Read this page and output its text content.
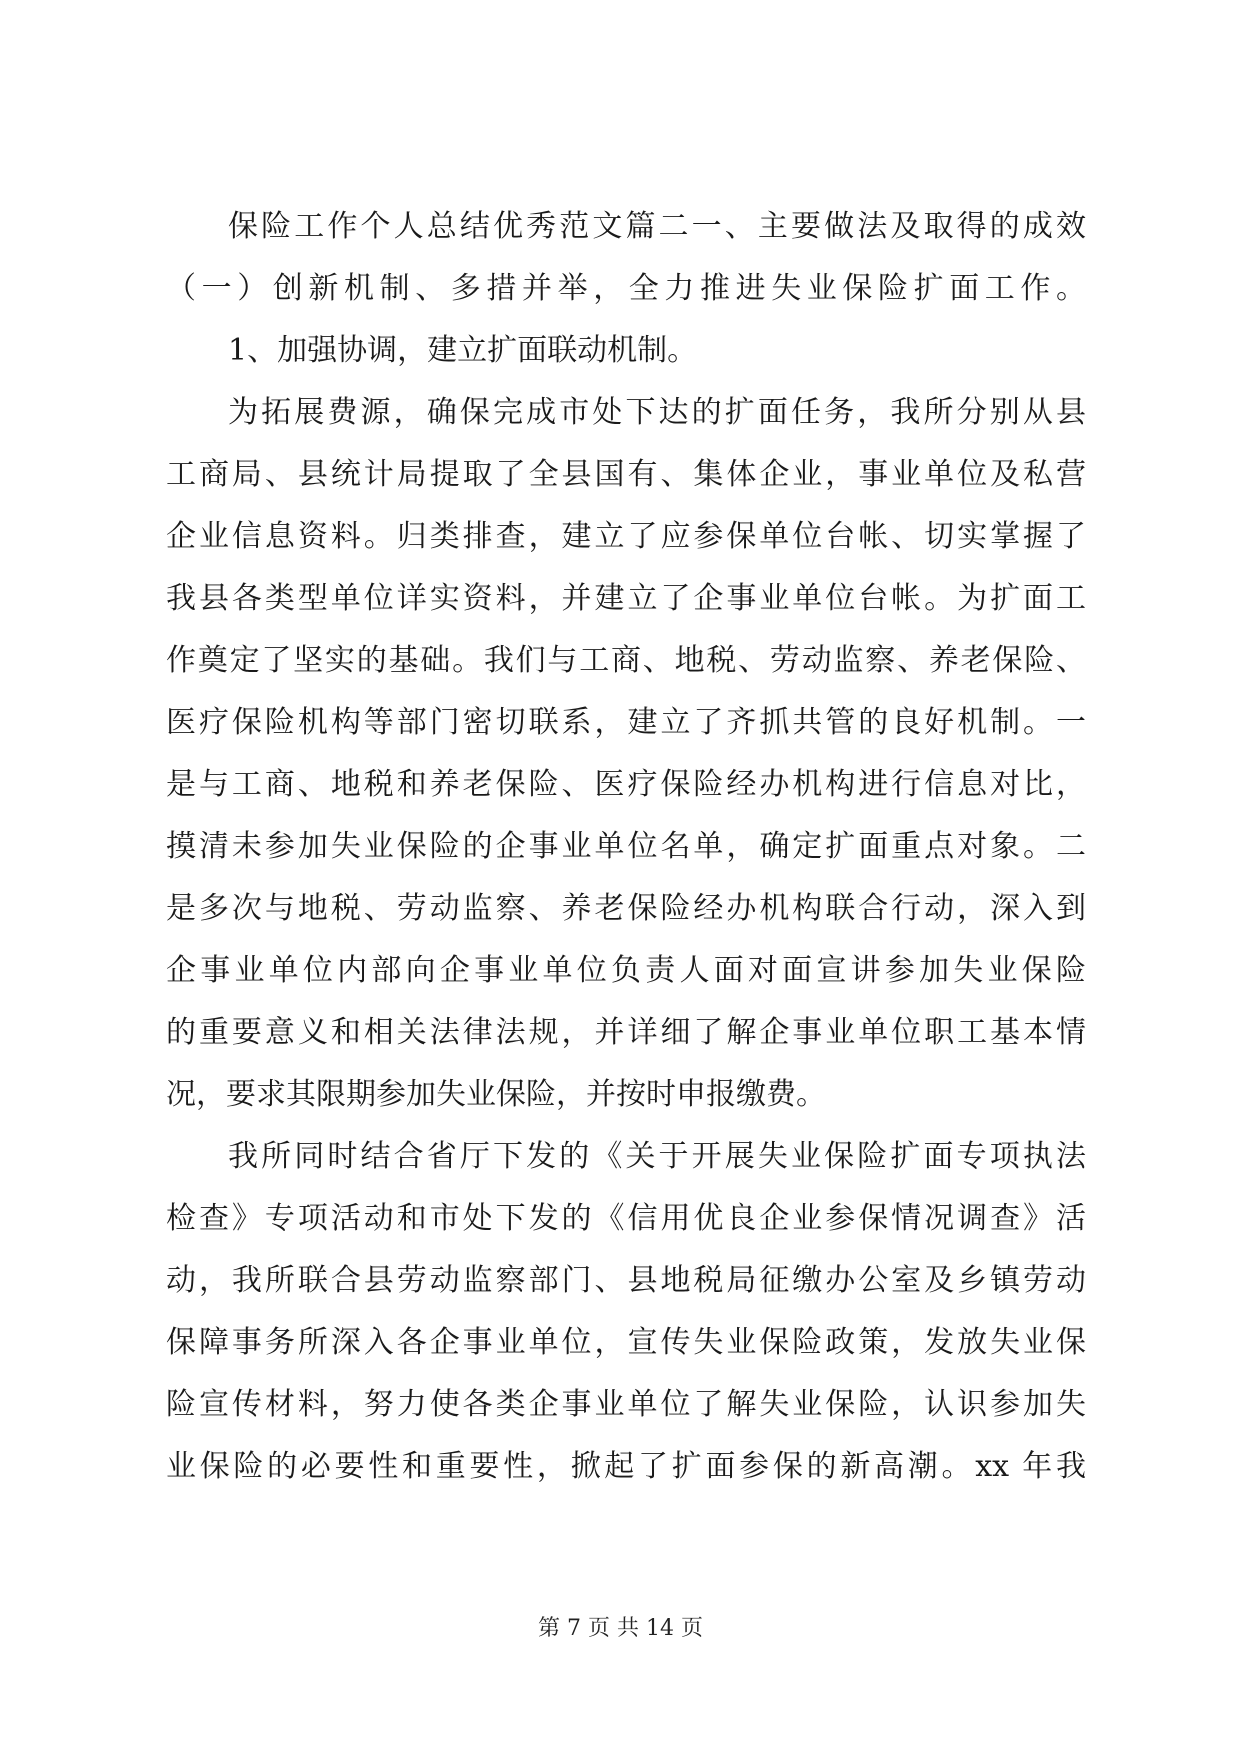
保险工作个人总结优秀范文篇二一、主要做法及取得的成效
（一）创新机制、多措并举，全力推进失业保险扩面工作。
1、加强协调，建立扩面联动机制。
为拓展费源，确保完成市处下达的扩面任务，我所分别从县
工商局、县统计局提取了全县国有、集体企业，事业单位及私营
企业信息资料。归类排查，建立了应参保单位台帐、切实掌握了
我县各类型单位详实资料，并建立了企事业单位台帐。为扩面工
作奠定了坚实的基础。我们与工商、地税、劳动监察、养老保险、
医疗保险机构等部门密切联系，建立了齐抓共管的良好机制。一
是与工商、地税和养老保险、医疗保险经办机构进行信息对比，
摸清未参加失业保险的企事业单位名单，确定扩面重点对象。二
是多次与地税、劳动监察、养老保险经办机构联合行动，深入到
企事业单位内部向企事业单位负责人面对面宣讲参加失业保险
的重要意义和相关法律法规，并详细了解企事业单位职工基本情
况，要求其限期参加失业保险，并按时申报缴费。
我所同时结合省厅下发的《关于开展失业保险扩面专项执法
检查》专项活动和市处下发的《信用优良企业参保情况调查》活
动，我所联合县劳动监察部门、县地税局征缴办公室及乡镇劳动
保障事务所深入各企事业单位，宣传失业保险政策，发放失业保
险宣传材料，努力使各类企事业单位了解失业保险，认识参加失
业保险的必要性和重要性，掀起了扩面参保的新高潮。xx 年我
第 7 页 共 14 页
